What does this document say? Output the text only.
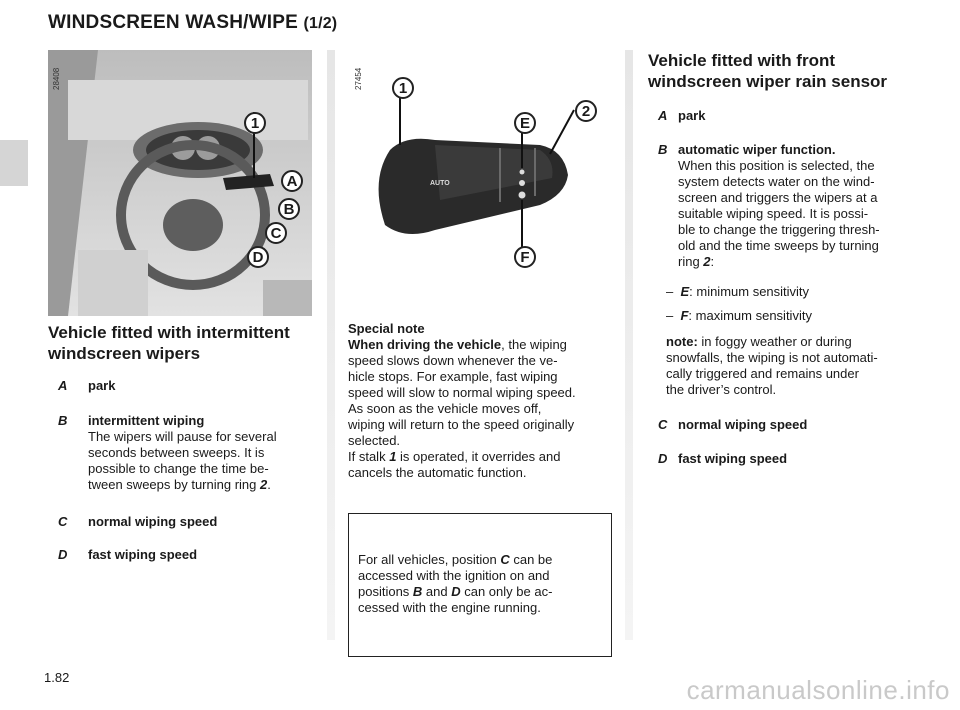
WINDSCREEN WASH/WIPE (1/2)
28408
1
A
B
C
D
27454
AUTO
1
2
E
F
Vehicle fitted with intermittent
windscreen wipers
A park
B intermittent wiping
The wipers will pause for several
seconds between sweeps. It is
possible to change the time be-
tween sweeps by turning ring 2.
C normal wiping speed
D fast wiping speed
Special note
When driving the vehicle, the wiping
speed slows down whenever the ve-
hicle stops. For example, fast wiping
speed will slow to normal wiping speed.
As soon as the vehicle moves off,
wiping will return to the speed originally
selected.
If stalk 1 is operated, it overrides and
cancels the automatic function.
For all vehicles, position C can be
accessed with the ignition on and
positions B and D can only be ac-
cessed with the engine running.
Vehicle fitted with front
windscreen wiper rain sensor
A park
B automatic wiper function.
When this position is selected, the
system detects water on the wind-
screen and triggers the wipers at a
suitable wiping speed. It is possi-
ble to change the triggering thresh-
old and the time sweeps by turning
ring 2:
– E: minimum sensitivity
– F: maximum sensitivity
note: in foggy weather or during
snowfalls, the wiping is not automati-
cally triggered and remains under
the driver’s control.
C normal wiping speed
D fast wiping speed
1.82	carmanualsonline.info
